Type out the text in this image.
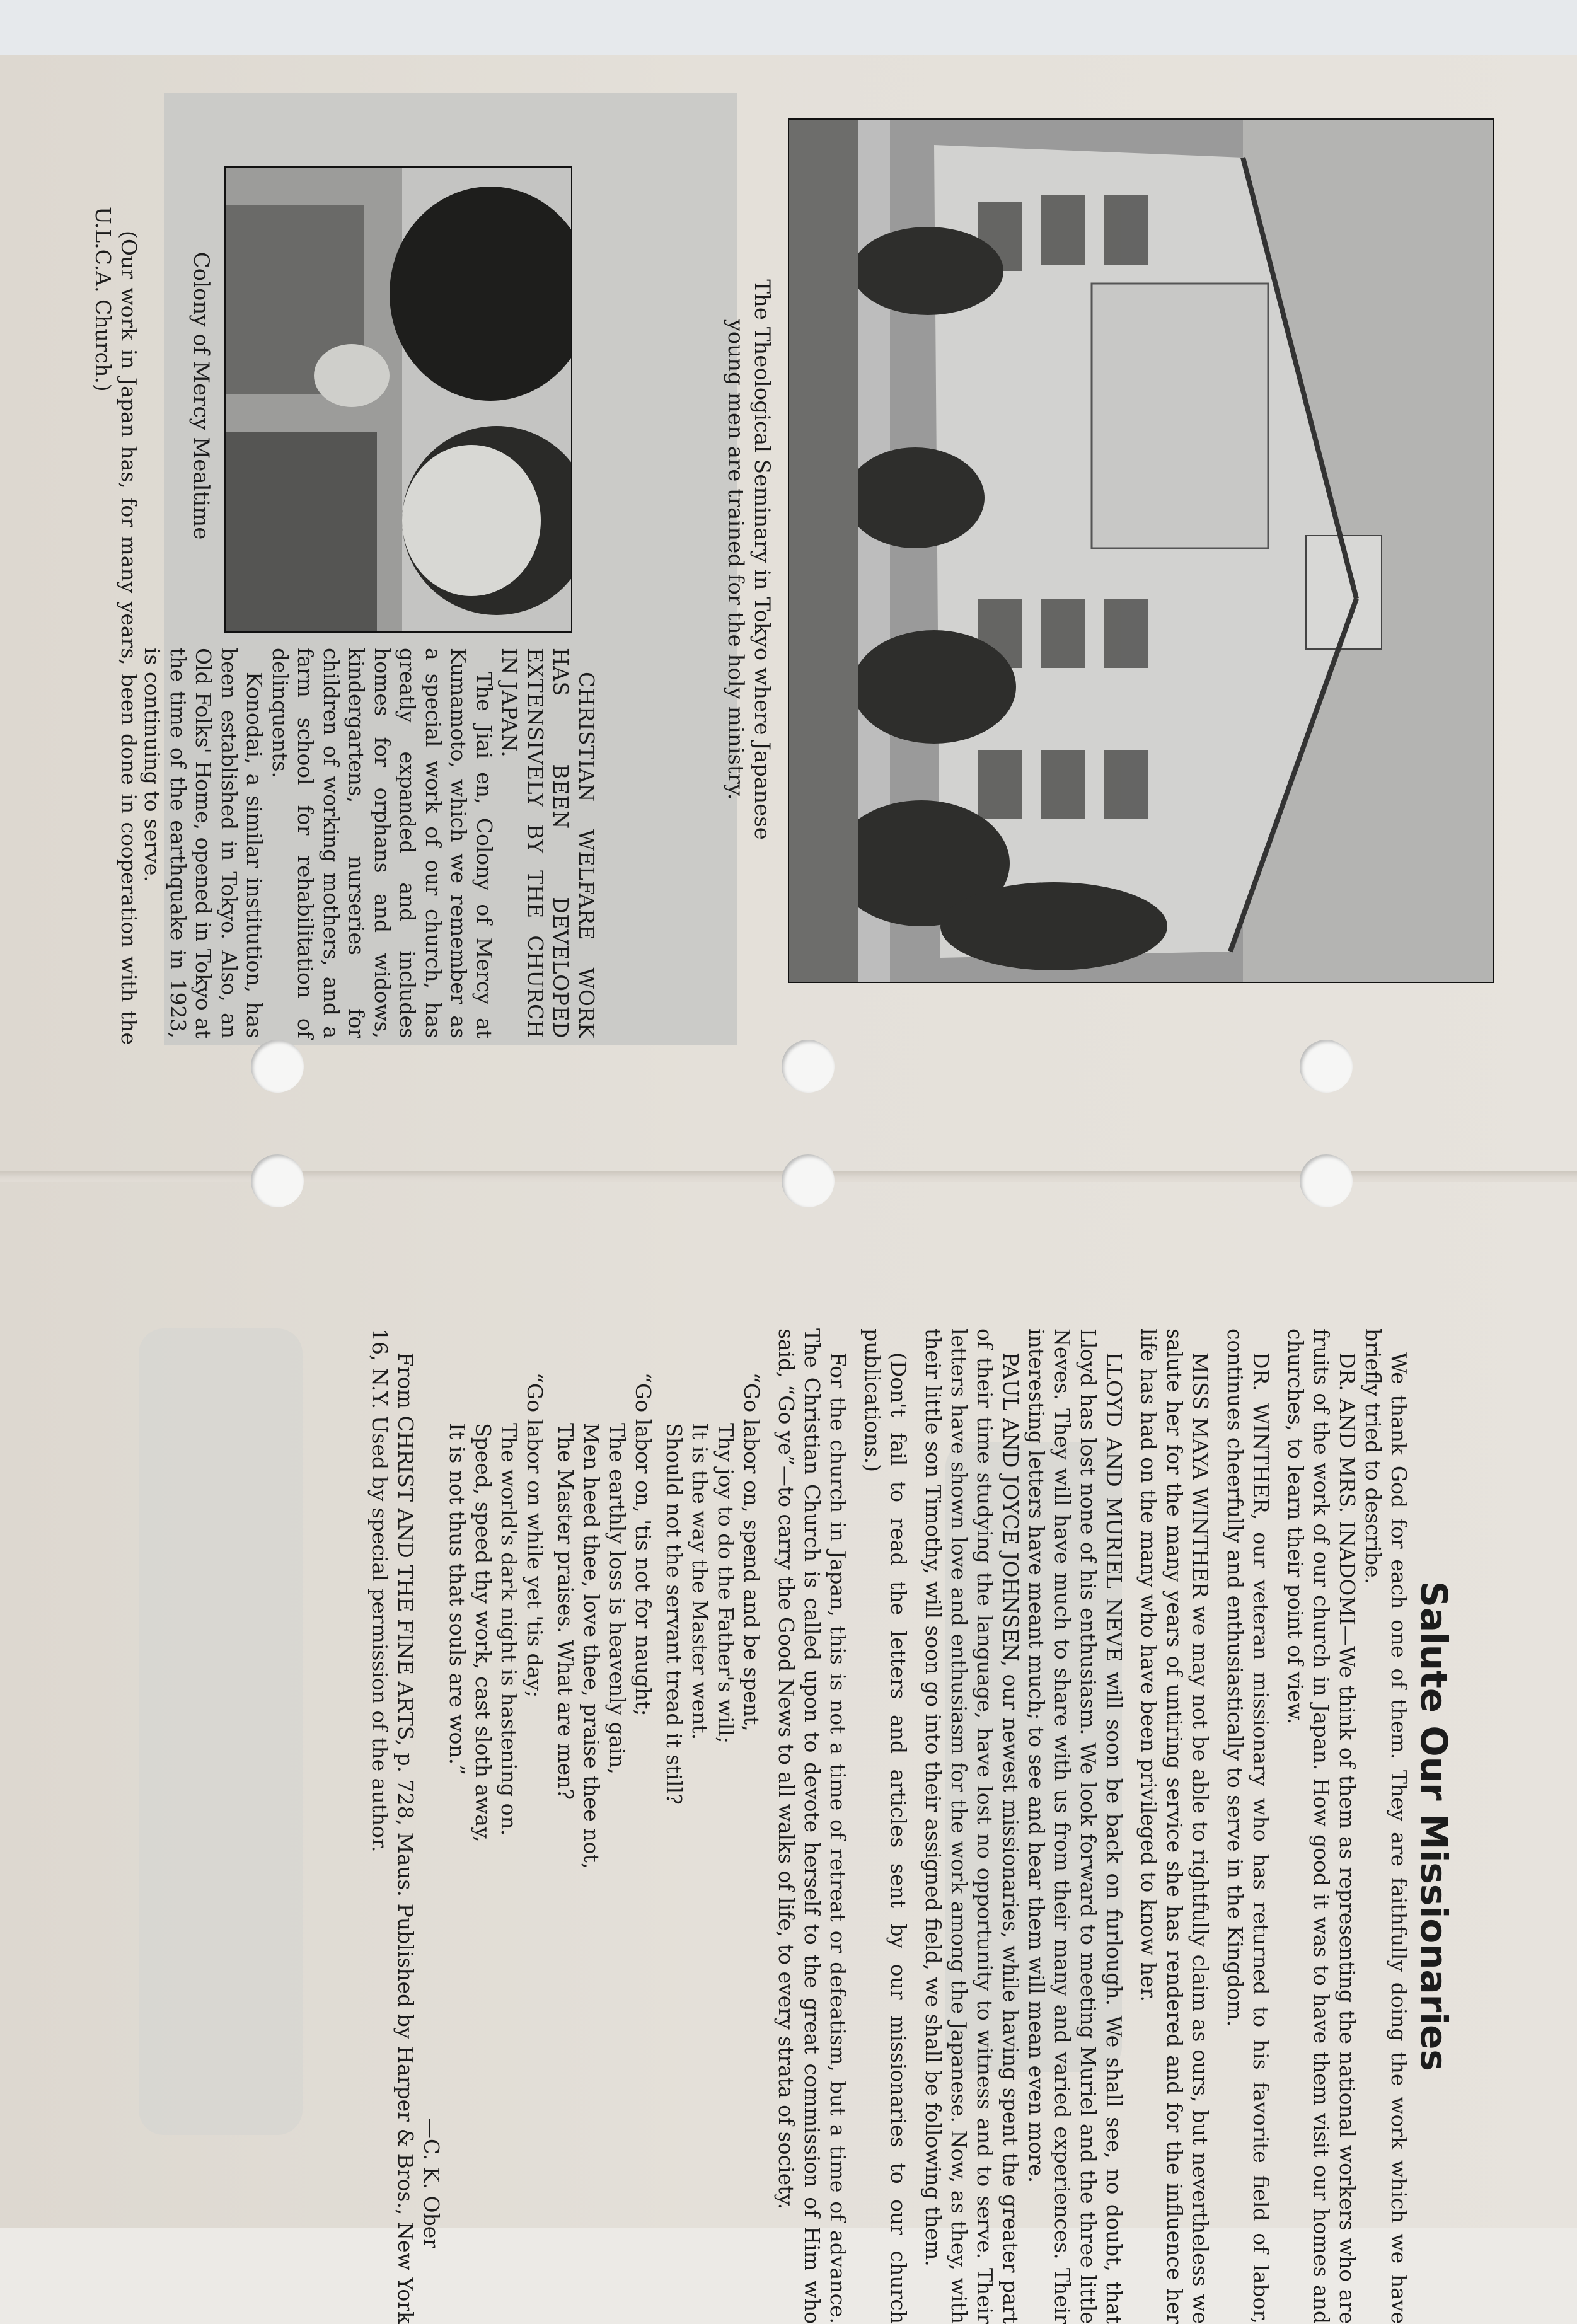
Salute Our Missionaries

We thank God for each one of them. They are faithfully doing the work which we have briefly tried to describe.

DR. AND MRS. INADOMI—We think of them as representing the national workers who are fruits of the work of our church in Japan. How good it was to have them visit our homes and churches, to learn their point of view.

DR. WINTHER, our veteran missionary who has returned to his favorite field of labor, continues cheerfully and enthusiastically to serve in the Kingdom.

MISS MAYA WINTHER we may not be able to rightfully claim as ours, but nevertheless we salute her for the many years of untiring service she has rendered and for the influence her life has had on the many who have been privileged to know her.

LLOYD AND MURIEL NEVE will soon be back on furlough. We shall see, no doubt, that Lloyd has lost none of his enthusiasm. We look forward to meeting Muriel and the three little Neves. They will have much to share with us from their many and varied experiences. Their interesting letters have meant much; to see and hear them will mean even more.

PAUL AND JOYCE JOHNSEN, our newest missionaries, while having spent the greater part of their time studying the language, have lost no opportunity to witness and to serve. Their letters have shown love and enthusiasm for the work among the Japanese. Now, as they, with their little son Timothy, will soon go into their assigned field, we shall be following them.

(Don't fail to read the letters and articles sent by our missionaries to our church publications.)

For the church in Japan, this is not a time of retreat or defeatism, but a time of advance. The Christian Church is called upon to devote herself to the great commission of Him who said, “Go ye”—to carry the Good News to all walks of life, to every strata of society.

“Go labor on, spend and be spent,
Thy joy to do the Father's will;
It is the way the Master went.
Should not the servant tread it still?
“Go labor on, 'tis not for naught;
The earthly loss is heavenly gain,
Men heed thee, love thee, praise thee not,
The Master praises. What are men?
“Go labor on while yet 'tis day;
The world's dark night is hastening on.
Speed, speed thy work, cast sloth away,
It is not thus that souls are won.”

—C. K. Ober

From CHRIST AND THE FINE ARTS, p. 728, Maus. Published by Harper & Bros., New York 16, N.Y. Used by special permission of the author.

The Theological Seminary in Tokyo where Japanese young men are trained for the holy ministry.
Colony of Mercy Mealtime

CHRISTIAN WELFARE WORK HAS BEEN DEVELOPED EXTENSIVELY BY THE CHURCH IN JAPAN.

The Jiai en, Colony of Mercy at Kumamoto, which we remember as a special work of our church, has greatly expanded and includes homes for orphans and widows, kindergartens, nurseries for children of working mothers, and a farm school for rehabilitation of delinquents.

Konodai, a similar institution, has been established in Tokyo. Also, an Old Folks' Home, opened in Tokyo at the time of the earthquake in 1923, is continuing to serve.

(Our work in Japan has, for many years, been done in cooperation with the U.L.C.A. Church.)
